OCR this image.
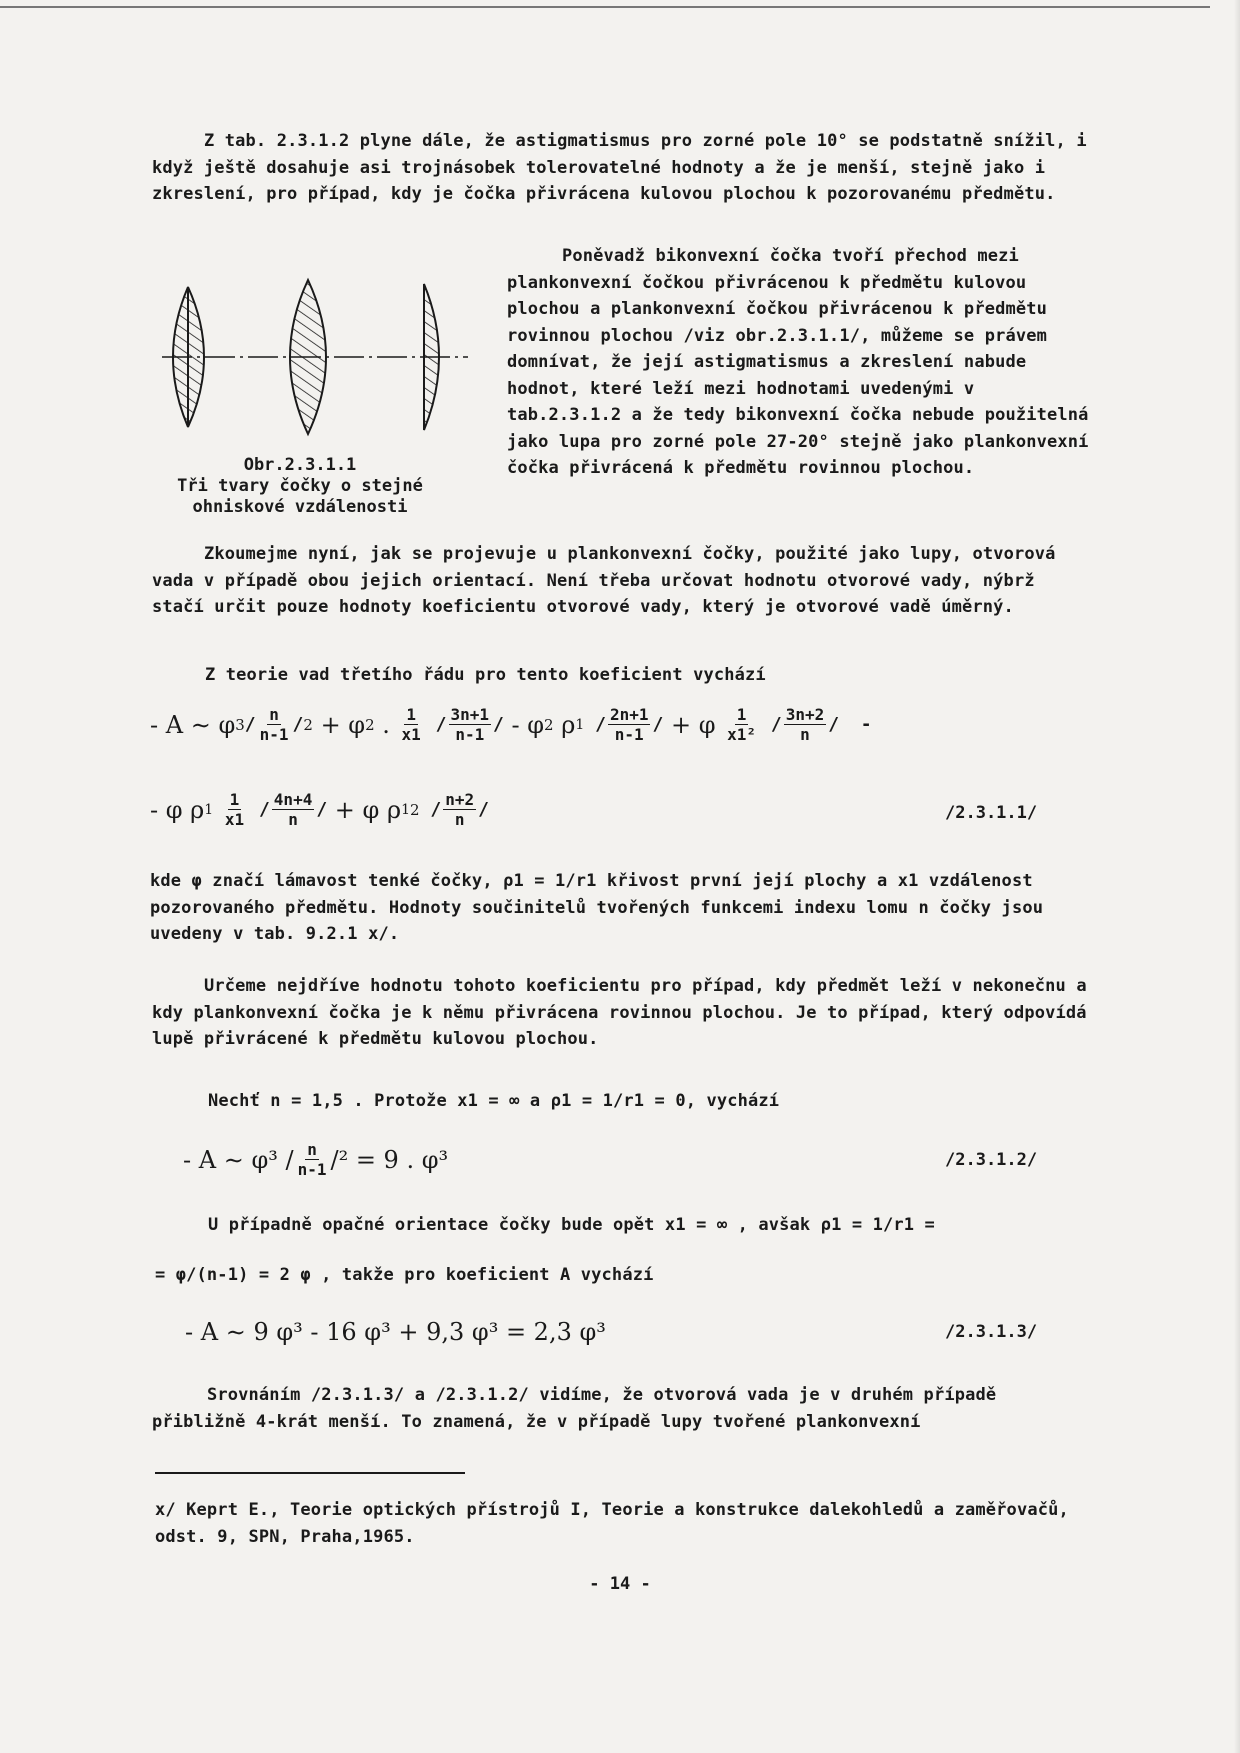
Z tab. 2.3.1.2 plyne dále, že astigmatismus pro zorné pole 10° se podstatně snížil, i když ještě dosahuje asi trojnásobek tolerovatelné hodnoty a že je menší, stejně jako i zkreslení, pro případ, kdy je čočka přivrácena kulovou plochou k pozorovanému předmětu.
Poněvadž bikonvexní čočka tvoří přechod mezi plankonvexní čočkou přivrácenou k předmětu kulovou plochou a plankonvexní čočkou přivrácenou k předmětu rovinnou plochou /viz obr.2.3.1.1/, můžeme se právem domnívat, že její astigmatismus a zkreslení nabude hodnot, které leží mezi hodnotami uvedenými v tab.2.3.1.2 a že tedy bikonvexní čočka nebude použitelná jako lupa pro zorné pole 27-20° stejně jako plankonvexní čočka přivrácená k předmětu rovinnou plochou.
Obr.2.3.1.1
Tři tvary čočky o stejné
ohniskové vzdálenosti
Zkoumejme nyní, jak se projevuje u plankonvexní čočky, použité jako lupy, otvorová vada v případě obou jejich orientací. Není třeba určovat hodnotu otvorové vady, nýbrž stačí určit pouze hodnoty koeficientu otvorové vady, který je otvorové vadě úměrný.
Z teorie vad třetího řádu pro tento koeficient vychází
- A ∼ φ $3 / \frac{n}{n-1} / 2 + \varphi$ 2 . $\frac{1}{x1} / \frac{3n+1}{n-1}$ / - φ 2 ρ $1 / \frac{2n+1}{n-1}$ / + φ $\frac{1}{\text{x1²}} / \frac{3n+2}{n}$ /  -
- φ ρ 1
$\frac{1}{x1} / \frac{4n+4}{n}$ / + φ ρ 1 $2 / \frac{n+2}{n}$ /	/2.3.1.1/
kde φ značí lámavost tenké čočky, ρ1 = 1/r1 křivost první její plochy a x1 vzdálenost pozorovaného předmětu. Hodnoty součinitelů tvořených funkcemi indexu lomu n čočky jsou uvedeny v tab. 9.2.1 x/.
Určeme nejdříve hodnotu tohoto koeficientu pro případ, kdy předmět leží v nekonečnu a kdy plankonvexní čočka je k němu přivrácena rovinnou plochou. Je to případ, který odpovídá lupě přivrácené k předmětu kulovou plochou.
Nechť n = 1,5 . Protože x1 = ∞ a ρ1 = 1/r1 = 0, vychází
- A ∼ $\varphi^3 / \frac{n}{n-1} /^2 = 9$ . φ³	/2.3.1.2/
U případně opačné orientace čočky bude opět x1 = ∞ , avšak ρ1 = 1/r1 =
= φ/(n-1) = 2 φ , takže pro koeficient A vychází
- A ∼ 9 φ³ - 16 φ³ + 9,3 φ³ = 2,3 φ³	/2.3.1.3/
Srovnáním /2.3.1.3/ a /2.3.1.2/ vidíme, že otvorová vada je v druhém případě přibližně 4-krát menší. To znamená, že v případě lupy tvořené plankonvexní
x/ Keprt E., Teorie optických přístrojů I, Teorie a konstrukce dalekohledů a zaměřovačů, odst. 9, SPN, Praha,1965.
- 14 -
